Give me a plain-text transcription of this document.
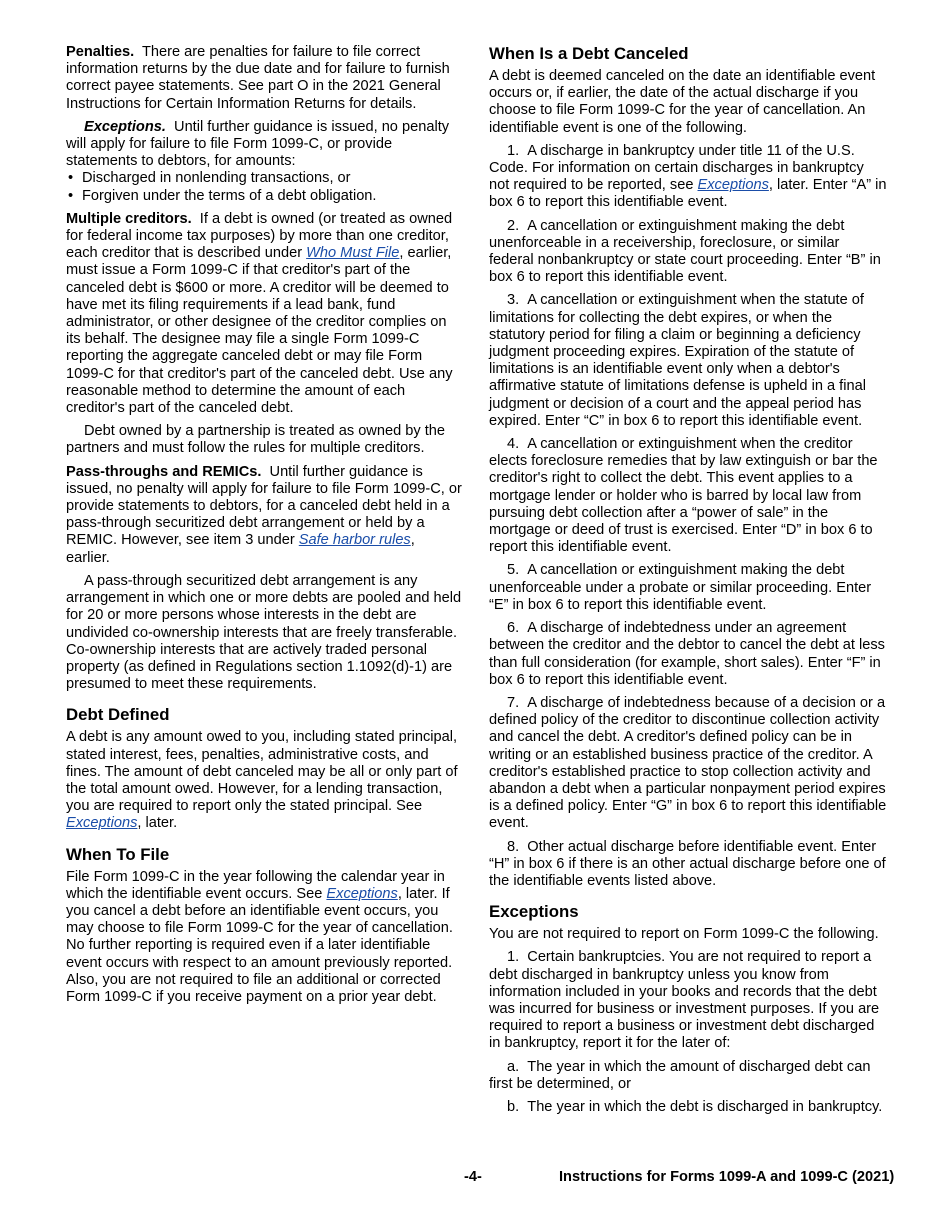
Penalties. There are penalties for failure to file correct information returns by the due date and for failure to furnish correct payee statements. See part O in the 2021 General Instructions for Certain Information Returns for details.

Exceptions. Until further guidance is issued, no penalty will apply for failure to file Form 1099-C, or provide statements to debtors, for amounts:

• Discharged in nonlending transactions, or
• Forgiven under the terms of a debt obligation.

Multiple creditors. If a debt is owned (or treated as owned for federal income tax purposes) by more than one creditor, each creditor that is described under Who Must File, earlier, must issue a Form 1099-C if that creditor's part of the canceled debt is $600 or more. A creditor will be deemed to have met its filing requirements if a lead bank, fund administrator, or other designee of the creditor complies on its behalf. The designee may file a single Form 1099-C reporting the aggregate canceled debt or may file Form 1099-C for that creditor's part of the canceled debt. Use any reasonable method to determine the amount of each creditor's part of the canceled debt.

Debt owned by a partnership is treated as owned by the partners and must follow the rules for multiple creditors.

Pass-throughs and REMICs. Until further guidance is issued, no penalty will apply for failure to file Form 1099-C, or provide statements to debtors, for a canceled debt held in a pass-through securitized debt arrangement or held by a REMIC. However, see item 3 under Safe harbor rules, earlier.

A pass-through securitized debt arrangement is any arrangement in which one or more debts are pooled and held for 20 or more persons whose interests in the debt are undivided co-ownership interests that are freely transferable. Co-ownership interests that are actively traded personal property (as defined in Regulations section 1.1092(d)-1) are presumed to meet these requirements.

Debt Defined

A debt is any amount owed to you, including stated principal, stated interest, fees, penalties, administrative costs, and fines. The amount of debt canceled may be all or only part of the total amount owed. However, for a lending transaction, you are required to report only the stated principal. See Exceptions, later.

When To File

File Form 1099-C in the year following the calendar year in which the identifiable event occurs. See Exceptions, later. If you cancel a debt before an identifiable event occurs, you may choose to file Form 1099-C for the year of cancellation. No further reporting is required even if a later identifiable event occurs with respect to an amount previously reported. Also, you are not required to file an additional or corrected Form 1099-C if you receive payment on a prior year debt.

When Is a Debt Canceled

A debt is deemed canceled on the date an identifiable event occurs or, if earlier, the date of the actual discharge if you choose to file Form 1099-C for the year of cancellation. An identifiable event is one of the following.

1.  A discharge in bankruptcy under title 11 of the U.S. Code. For information on certain discharges in bankruptcy not required to be reported, see Exceptions, later. Enter “A” in box 6 to report this identifiable event.

2.  A cancellation or extinguishment making the debt unenforceable in a receivership, foreclosure, or similar federal nonbankruptcy or state court proceeding. Enter “B” in box 6 to report this identifiable event.

3.  A cancellation or extinguishment when the statute of limitations for collecting the debt expires, or when the statutory period for filing a claim or beginning a deficiency judgment proceeding expires. Expiration of the statute of limitations is an identifiable event only when a debtor's affirmative statute of limitations defense is upheld in a final judgment or decision of a court and the appeal period has expired. Enter “C” in box 6 to report this identifiable event.

4.  A cancellation or extinguishment when the creditor elects foreclosure remedies that by law extinguish or bar the creditor's right to collect the debt. This event applies to a mortgage lender or holder who is barred by local law from pursuing debt collection after a “power of sale” in the mortgage or deed of trust is exercised. Enter “D” in box 6 to report this identifiable event.

5.  A cancellation or extinguishment making the debt unenforceable under a probate or similar proceeding. Enter “E” in box 6 to report this identifiable event.

6.  A discharge of indebtedness under an agreement between the creditor and the debtor to cancel the debt at less than full consideration (for example, short sales). Enter “F” in box 6 to report this identifiable event.

7.  A discharge of indebtedness because of a decision or a defined policy of the creditor to discontinue collection activity and cancel the debt. A creditor's defined policy can be in writing or an established business practice of the creditor. A creditor's established practice to stop collection activity and abandon a debt when a particular nonpayment period expires is a defined policy. Enter “G” in box 6 to report this identifiable event.

8.  Other actual discharge before identifiable event. Enter “H” in box 6 if there is an other actual discharge before one of the identifiable events listed above.

Exceptions

You are not required to report on Form 1099-C the following.

1.  Certain bankruptcies. You are not required to report a debt discharged in bankruptcy unless you know from information included in your books and records that the debt was incurred for business or investment purposes. If you are required to report a business or investment debt discharged in bankruptcy, report it for the later of:

a.  The year in which the amount of discharged debt can first be determined, or

b.  The year in which the debt is discharged in bankruptcy.

-4-	Instructions for Forms 1099-A and 1099-C (2021)
